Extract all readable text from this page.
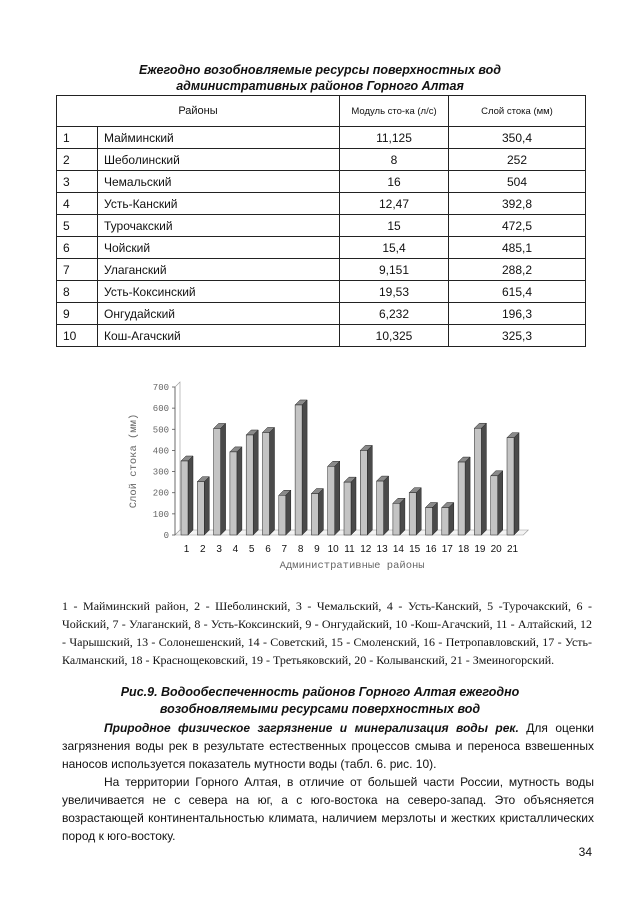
Ежегодно возобновляемые ресурсы поверхностных вод
административных районов Горного Алтая
Районы		Модуль сто-ка (л/с)	Слой стока (мм)
1	Майминский	11,125	350,4
2	Шеболинский	8	252
3	Чемальский	16	504
4	Усть-Канский	12,47	392,8
5	Турочакский	15	472,5
6	Чойский	15,4	485,1
7	Улаганский	9,151	288,2
8	Усть-Коксинский	19,53	615,4
9	Онгудайский	6,232	196,3
10	Кош-Агачский	10,325	325,3
0
100
200
300
400
500
600
700
1 2 3 4 5 6 7 8 9 10 11 12 13 14 15 16 17 18 19 20 21
Административные районы
Слой стока (мм)
1 - Майминский район, 2 - Шеболинский, 3 - Чемальский, 4 - Усть-Канский, 5 -Турочакский, 6 - Чойский, 7 - Улаганский, 8 - Усть-Коксинский, 9 - Онгудайский, 10 -Кош-Агачский, 11 - Алтайский, 12 - Чарышский, 13 - Солонешенский, 14 - Советский, 15 - Смоленский, 16 - Петропавловский, 17 - Усть-Калманский, 18 - Краснощековский, 19 - Третьяковский, 20 - Колыванский, 21 - Змеиногорский.
Рис.9. Водообеспеченность районов Горного Алтая ежегодно
возобновляемыми ресурсами поверхностных вод
Природное физическое загрязнение и минерализация воды рек. Для оценки загрязнения воды рек в результате естественных процессов смыва и переноса взвешенных наносов используется показатель мутности воды (табл. 6. рис. 10).
На территории Горного Алтая, в отличие от большей части России, мутность воды увеличивается не с севера на юг, а с юго-востока на северо-запад. Это объясняется возрастающей континентальностью климата, наличием мерзлоты и жестких кристаллических пород к юго-востоку.
34
